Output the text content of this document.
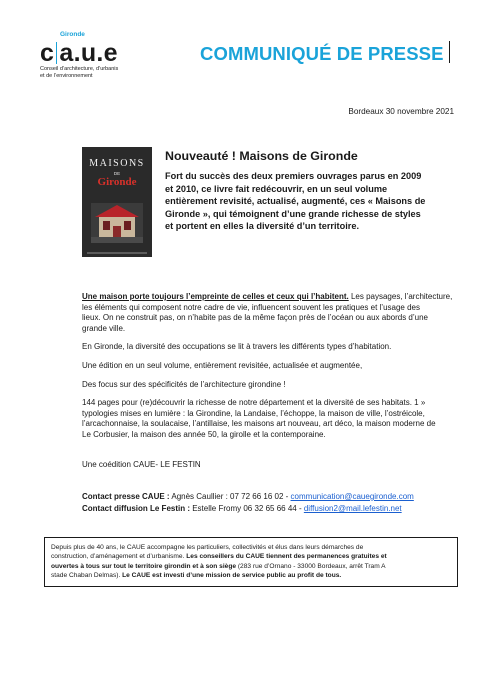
Gironde
c a.u.e
Conseil d’architecture, d’urbanis
et de l’environnement
COMMUNIQUÉ DE PRESSE
Bordeaux 30 novembre 2021
MAISONS
DE
Gironde
Nouveauté ! Maisons de Gironde
Fort du succès des deux premiers ouvrages parus en 2009
et 2010, ce livre fait redécouvrir, en un seul volume
entièrement revisité, actualisé, augmenté, ces « Maisons de
Gironde », qui témoignent d’une grande richesse de styles
et portent en elles la diversité d’un territoire.

Une maison porte toujours l’empreinte de celles et ceux qui l’habitent. Les paysages, l’architecture,
les éléments qui composent notre cadre de vie, influencent souvent les pratiques et l’usage des
lieux. On ne construit pas, on n’habite pas de la même façon près de l’océan ou aux abords d’une
grande ville.

En Gironde, la diversité des occupations se lit à travers les différents types d’habitation.

Une édition en un seul volume, entièrement revisitée, actualisée et augmentée,

Des focus sur des spécificités de l’architecture girondine !

144 pages pour (re)découvrir la richesse de notre département et la diversité de ses habitats. 1 »
typologies mises en lumière : la Girondine, la Landaise, l’échoppe, la maison de ville, l’ostréicole,
l’arcachonnaise, la soulacaise, l’antillaise, les maisons art nouveau, art déco, la maison moderne de
Le Corbusier, la maison des année 50, la girolle et la contemporaine.

Une coédition CAUE- LE FESTIN
Contact presse CAUE : Agnès Caullier : 07 72 66 16 02 - communication@cauegironde.com
Contact diffusion Le Festin : Estelle Fromy 06 32 65 66 44 - diffusion2@mail.lefestin.net
Depuis plus de 40 ans, le CAUE accompagne les particuliers, collectivités et élus dans leurs démarches de
construction, d’aménagement et d’urbanisme. Les conseillers du CAUE tiennent des permanences gratuites et
ouvertes à tous sur tout le territoire girondin et à son siège (283 rue d’Ornano - 33000 Bordeaux, arrêt Tram A
stade Chaban Delmas). Le CAUE est investi d’une mission de service public au profit de tous.
